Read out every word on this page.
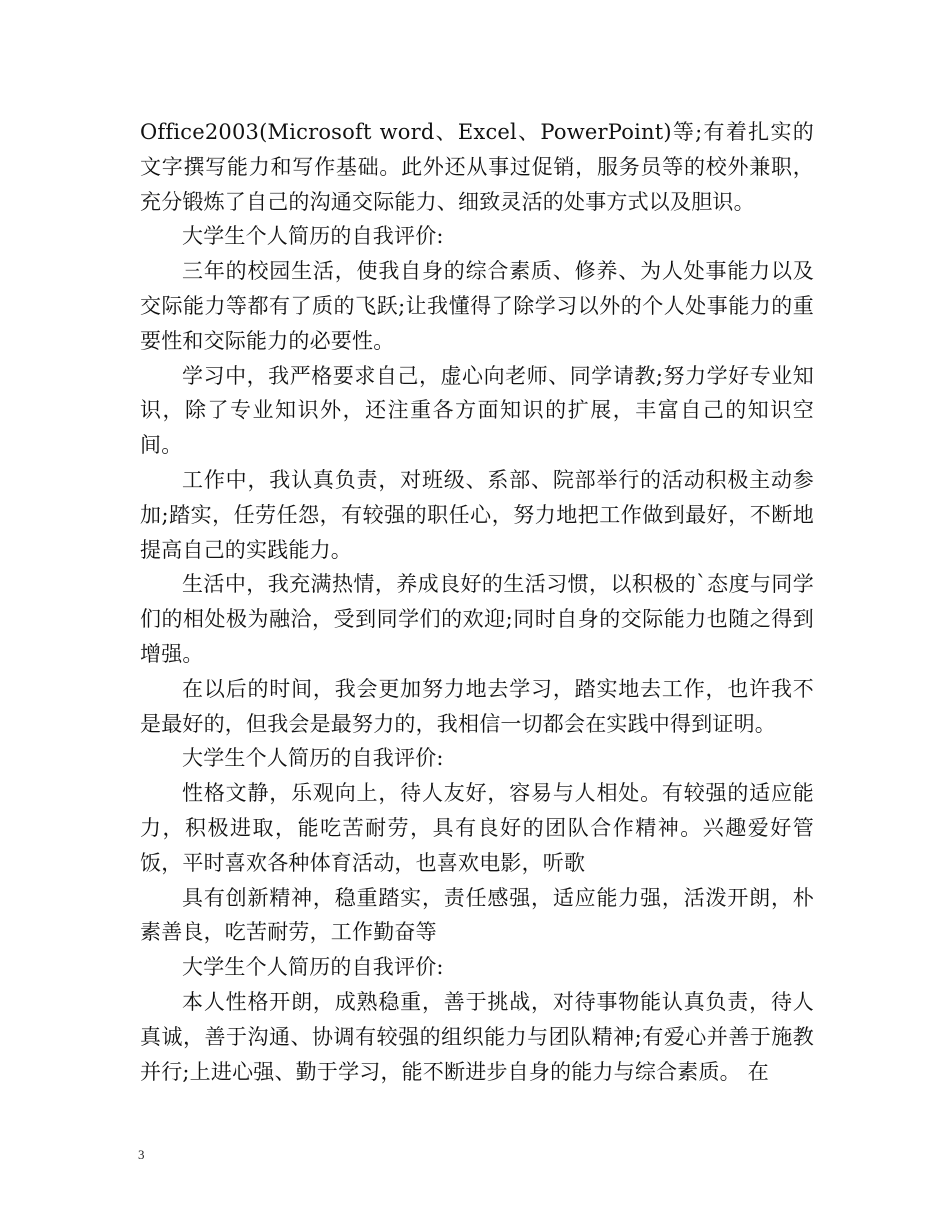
Office2003(Microsoft word、Excel、PowerPoint)等;有着扎实的文字撰写能力和写作基础。此外还从事过促销，服务员等的校外兼职，充分锻炼了自己的沟通交际能力、细致灵活的处事方式以及胆识。

大学生个人简历的自我评价:

三年的校园生活，使我自身的综合素质、修养、为人处事能力以及交际能力等都有了质的飞跃;让我懂得了除学习以外的个人处事能力的重要性和交际能力的必要性。

学习中，我严格要求自己，虚心向老师、同学请教;努力学好专业知识，除了专业知识外，还注重各方面知识的扩展，丰富自己的知识空间。

工作中，我认真负责，对班级、系部、院部举行的活动积极主动参加;踏实，任劳任怨，有较强的职任心，努力地把工作做到最好，不断地提高自己的实践能力。

生活中，我充满热情，养成良好的生活习惯，以积极的`态度与同学们的相处极为融洽，受到同学们的欢迎;同时自身的交际能力也随之得到增强。

在以后的时间，我会更加努力地去学习，踏实地去工作，也许我不是最好的，但我会是最努力的，我相信一切都会在实践中得到证明。

大学生个人简历的自我评价:

性格文静，乐观向上，待人友好，容易与人相处。有较强的适应能力，积极进取，能吃苦耐劳，具有良好的团队合作精神。兴趣爱好管饭，平时喜欢各种体育活动，也喜欢电影，听歌

具有创新精神，稳重踏实，责任感强，适应能力强，活泼开朗，朴素善良，吃苦耐劳，工作勤奋等

大学生个人简历的自我评价:

本人性格开朗，成熟稳重，善于挑战，对待事物能认真负责，待人真诚，善于沟通、协调有较强的组织能力与团队精神;有爱心并善于施教并行;上进心强、勤于学习，能不断进步自身的能力与综合素质。 在

3
